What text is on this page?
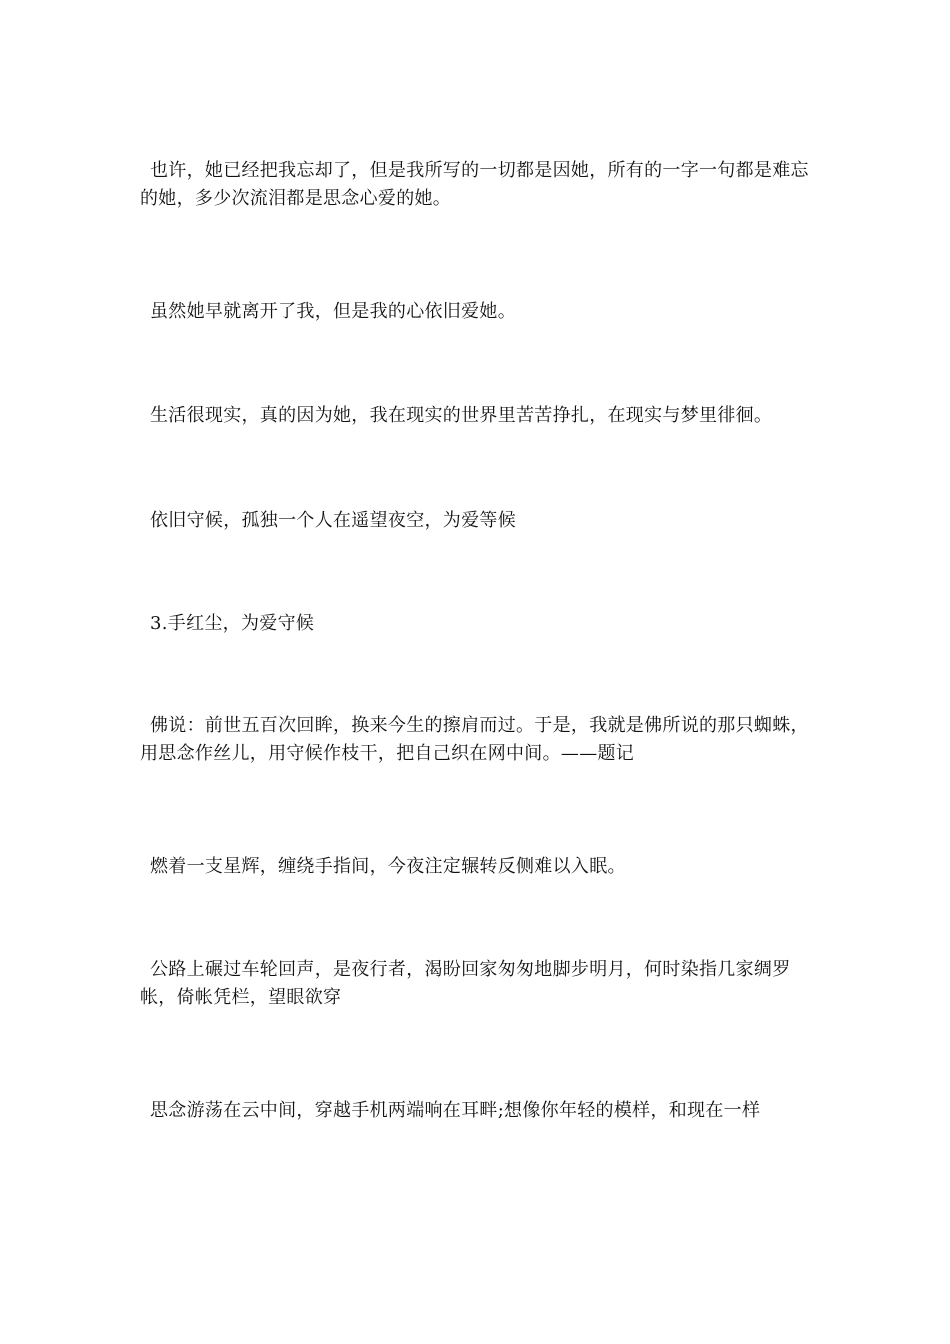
也许，她已经把我忘却了，但是我所写的一切都是因她，所有的一字一句都是难忘的她，多少次流泪都是思念心爱的她。

虽然她早就离开了我，但是我的心依旧爱她。

生活很现实，真的因为她，我在现实的世界里苦苦挣扎，在现实与梦里徘徊。

依旧守候，孤独一个人在遥望夜空，为爱等候

3.手红尘，为爱守候

佛说：前世五百次回眸，换来今生的擦肩而过。于是，我就是佛所说的那只蜘蛛，用思念作丝儿，用守候作枝干，把自己织在网中间。——题记

燃着一支星辉，缠绕手指间，今夜注定辗转反侧难以入眠。

公路上碾过车轮回声，是夜行者，渴盼回家匆匆地脚步明月，何时染指几家绸罗帐，倚帐凭栏，望眼欲穿

思念游荡在云中间，穿越手机两端响在耳畔;想像你年轻的模样，和现在一样
